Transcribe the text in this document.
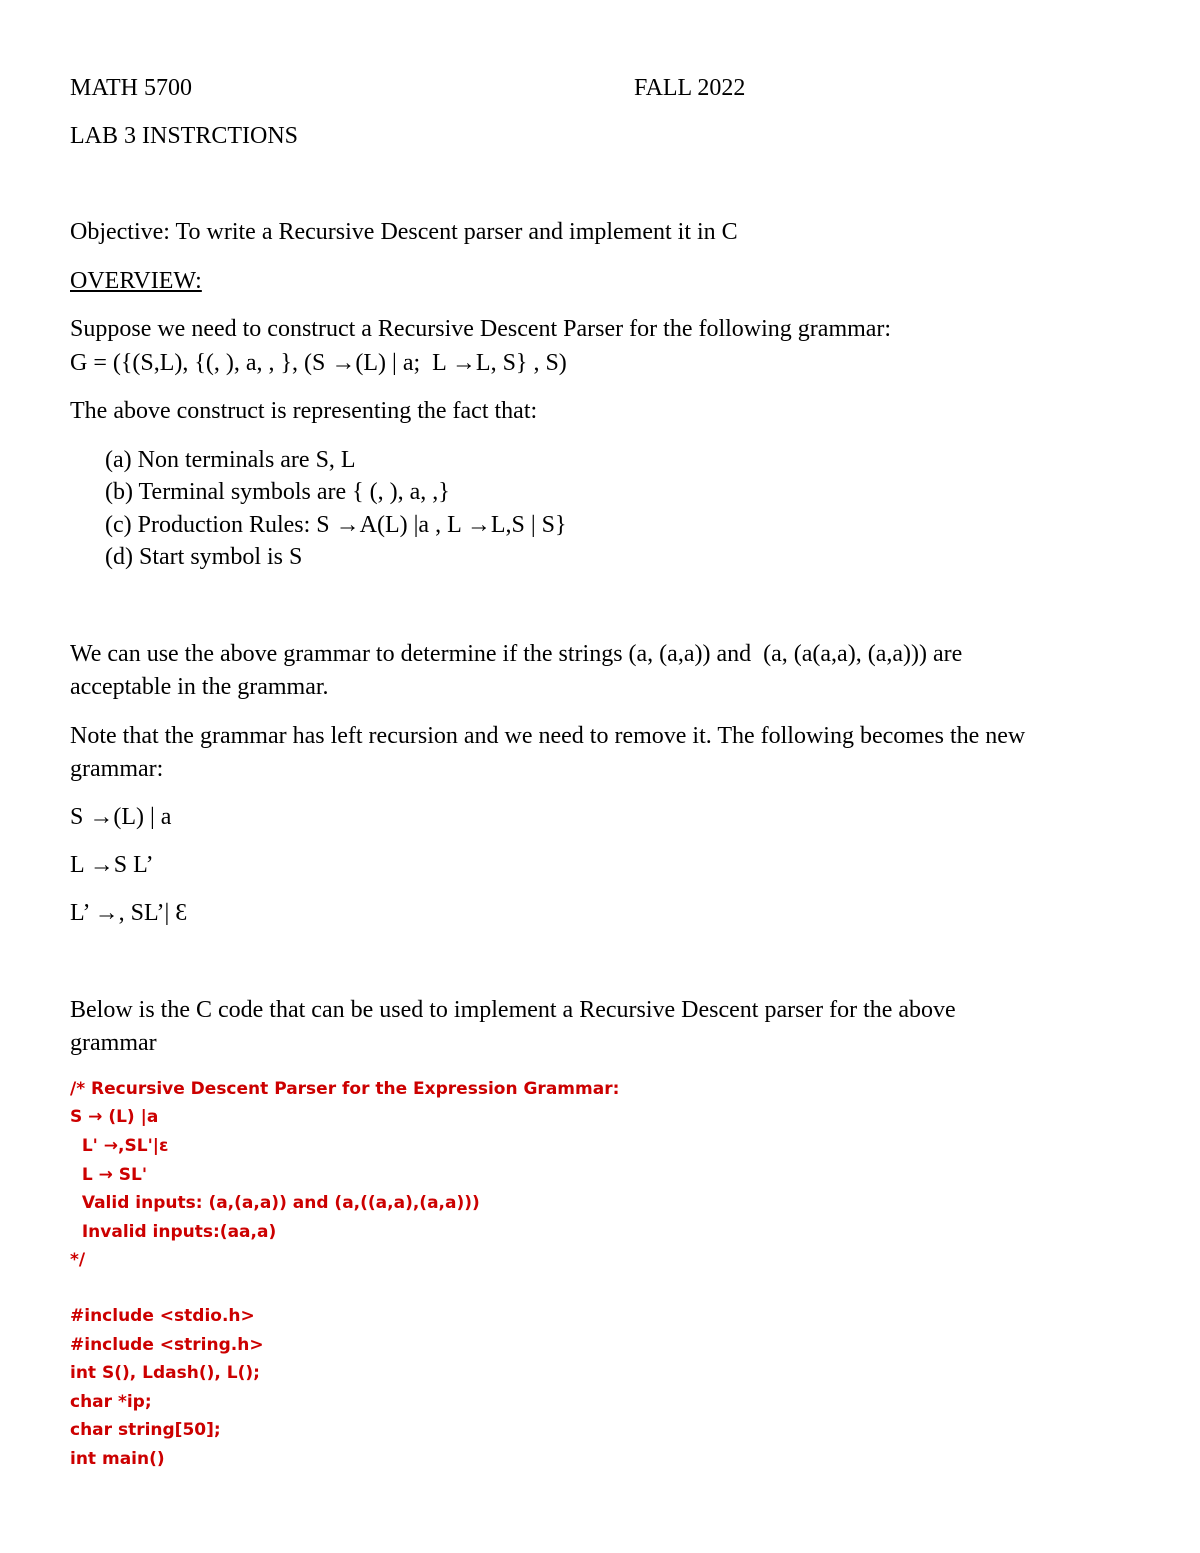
MATH 5700	FALL 2022
LAB 3 INSTRCTIONS
Objective: To write a Recursive Descent parser and implement it in C
OVERVIEW:
Suppose we need to construct a Recursive Descent Parser for the following grammar:
G = ({(S,L), {(, ), a, , }, (S →(L) | a;  L →L, S} , S)
The above construct is representing the fact that:
(a) Non terminals are S, L
(b) Terminal symbols are { (, ), a, ,}
(c) Production Rules: S →A(L) |a , L →L,S | S}
(d) Start symbol is S
We can use the above grammar to determine if the strings (a, (a,a)) and  (a, (a(a,a), (a,a))) are
acceptable in the grammar.
Note that the grammar has left recursion and we need to remove it. The following becomes the new
grammar:
S →(L) | a
L →S L’
L’ →, SL’| Ɛ
Below is the C code that can be used to implement a Recursive Descent parser for the above
grammar
/* Recursive Descent Parser for the Expression Grammar:
S → (L) |a
L' →,SL'|ε
L → SL'
Valid inputs: (a,(a,a)) and (a,((a,a),(a,a)))
Invalid inputs:(aa,a)
*/
#include <stdio.h>
#include <string.h>
int S(), Ldash(), L();
char *ip;
char string[50];
int main()
